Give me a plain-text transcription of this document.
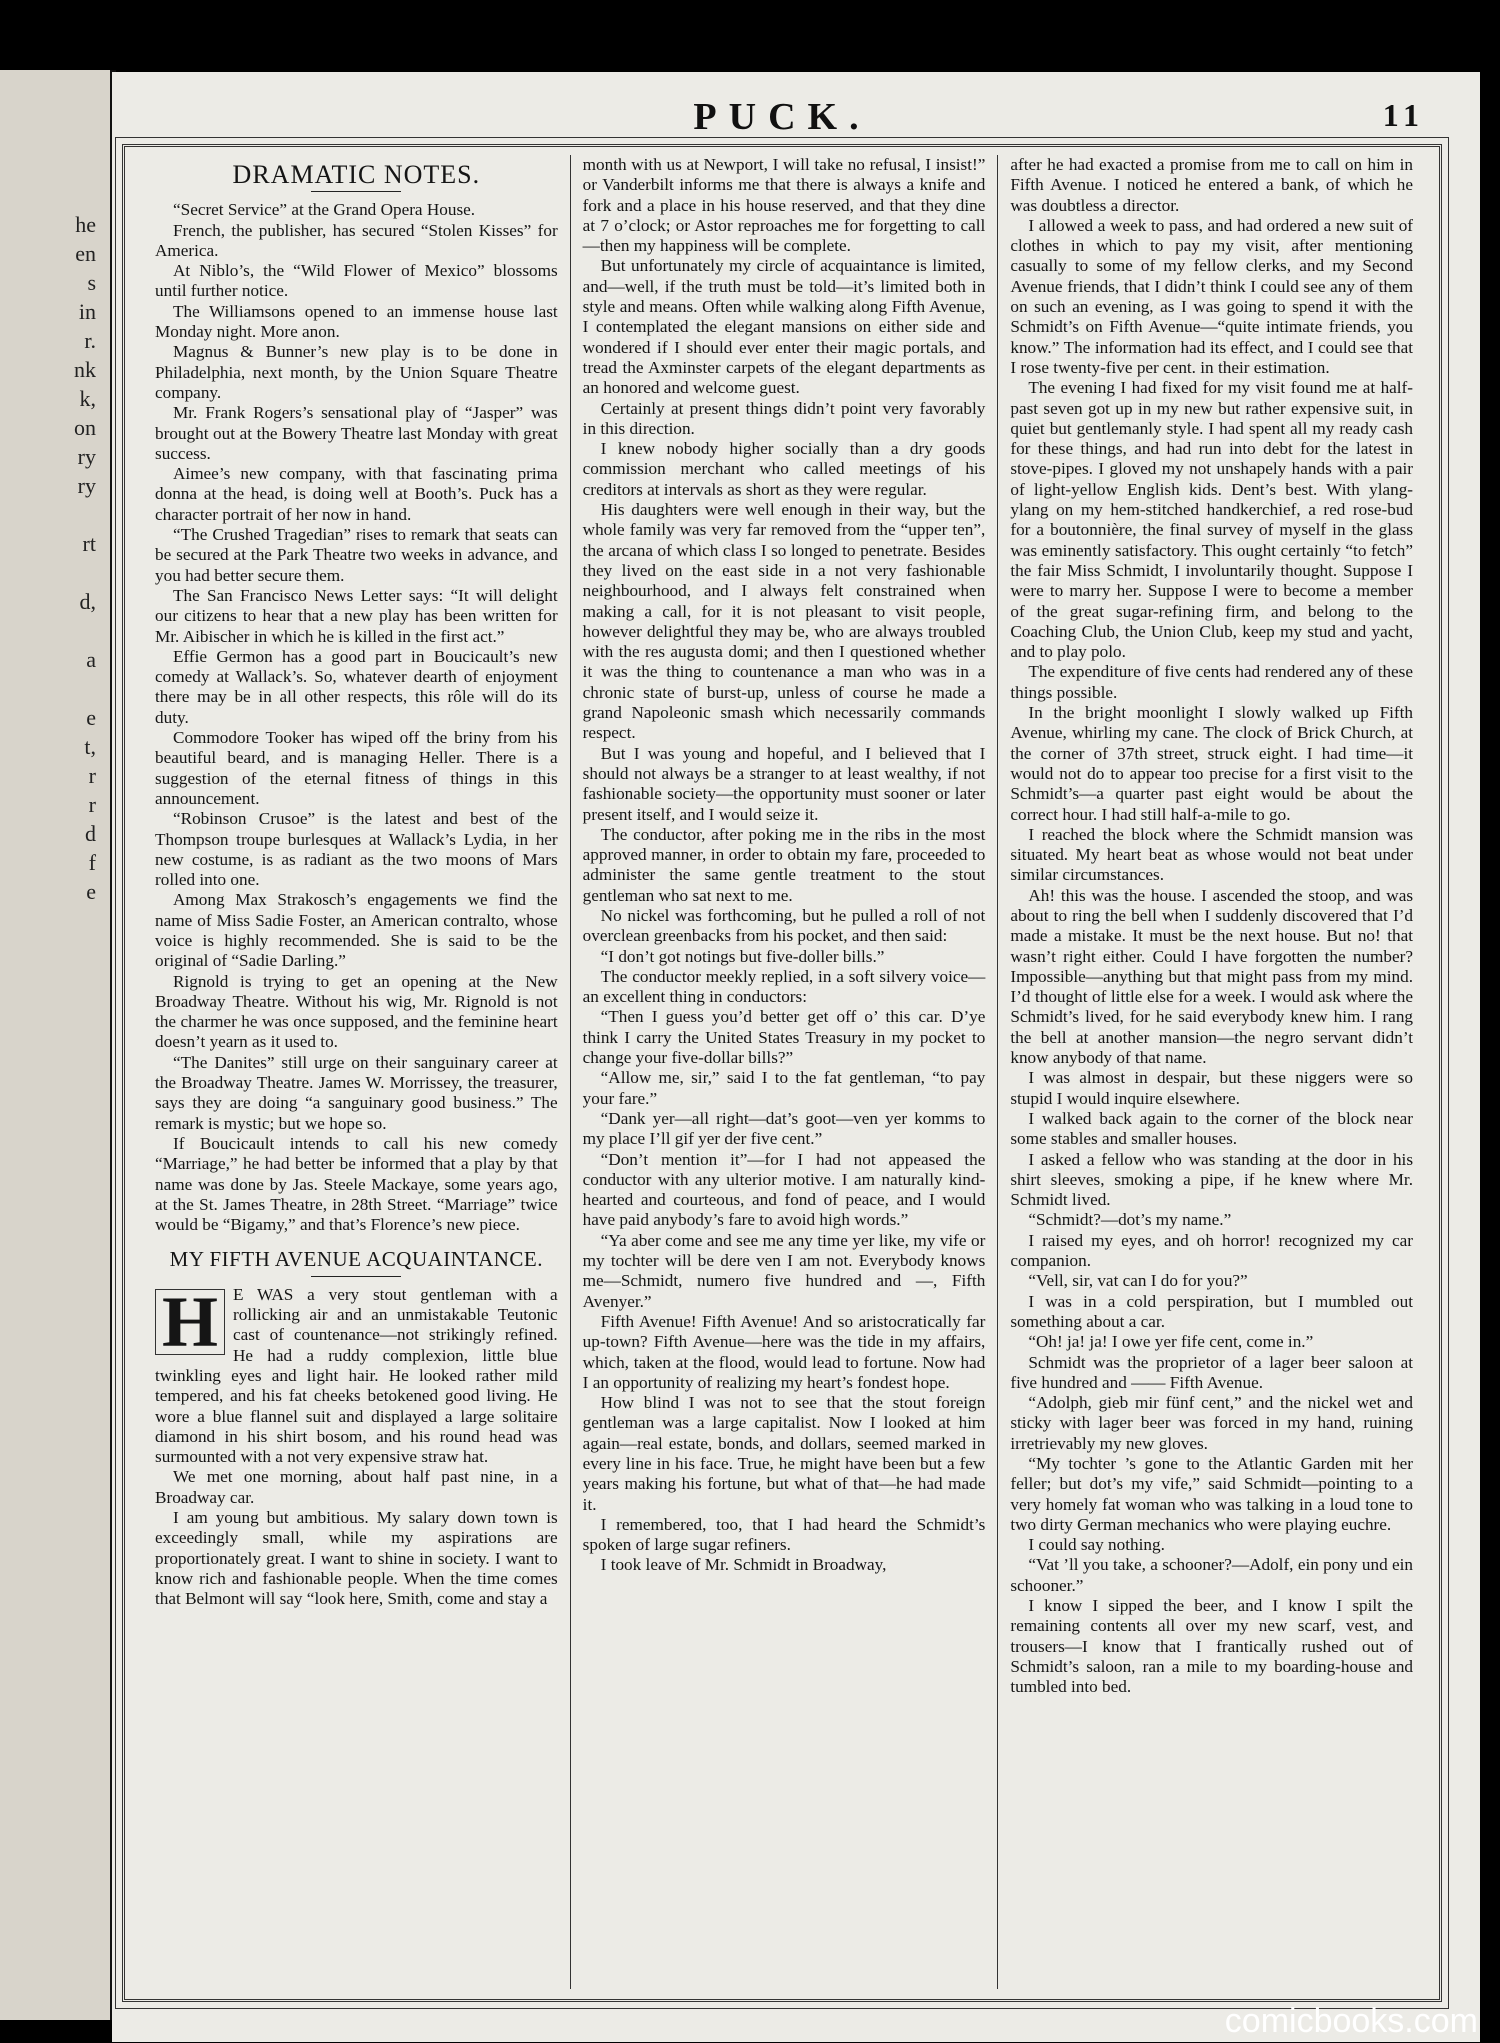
he
en
s
in
r.
nk
k,
on
ry
ry

rt

d,

a

e
t,
r
r
d
f
e
PUCK.	11
DRAMATIC NOTES.

“Secret Service” at the Grand Opera House.

French, the publisher, has secured “Stolen Kisses” for America.

At Niblo’s, the “Wild Flower of Mexico” blossoms until further notice.

The Williamsons opened to an immense house last Monday night. More anon.

Magnus & Bunner’s new play is to be done in Philadelphia, next month, by the Union Square Theatre company.

Mr. Frank Rogers’s sensational play of “Jasper” was brought out at the Bowery Theatre last Monday with great success.

Aimee’s new company, with that fascinating prima donna at the head, is doing well at Booth’s. Puck has a character portrait of her now in hand.

“The Crushed Tragedian” rises to remark that seats can be secured at the Park Theatre two weeks in advance, and you had better secure them.

The San Francisco News Letter says: “It will delight our citizens to hear that a new play has been written for Mr. Aibischer in which he is killed in the first act.”

Effie Germon has a good part in Boucicault’s new comedy at Wallack’s. So, whatever dearth of enjoyment there may be in all other respects, this rôle will do its duty.

Commodore Tooker has wiped off the briny from his beautiful beard, and is managing Heller. There is a suggestion of the eternal fitness of things in this announcement.

“Robinson Crusoe” is the latest and best of the Thompson troupe burlesques at Wallack’s Lydia, in her new costume, is as radiant as the two moons of Mars rolled into one.

Among Max Strakosch’s engagements we find the name of Miss Sadie Foster, an American contralto, whose voice is highly recommended. She is said to be the original of “Sadie Darling.”

Rignold is trying to get an opening at the New Broadway Theatre. Without his wig, Mr. Rignold is not the charmer he was once supposed, and the feminine heart doesn’t yearn as it used to.

“The Danites” still urge on their sanguinary career at the Broadway Theatre. James W. Morrissey, the treasurer, says they are doing “a sanguinary good business.” The remark is mystic; but we hope so.

If Boucicault intends to call his new comedy “Marriage,” he had better be informed that a play by that name was done by Jas. Steele Mackaye, some years ago, at the St. James Theatre, in 28th Street. “Marriage” twice would be “Bigamy,” and that’s Florence’s new piece.

MY FIFTH AVENUE ACQUAINTANCE.
H E WAS a very stout gentleman with a rollicking air and an unmistakable Teutonic cast of countenance—not strikingly refined. He had a ruddy complexion, little blue twinkling eyes and light hair. He looked rather mild tempered, and his fat cheeks betokened good living. He wore a blue flannel suit and displayed a large solitaire diamond in his shirt bosom, and his round head was surmounted with a not very expensive straw hat.

We met one morning, about half past nine, in a Broadway car.

I am young but ambitious. My salary down town is exceedingly small, while my aspirations are proportionately great. I want to shine in society. I want to know rich and fashionable people. When the time comes that Belmont will say “look here, Smith, come and stay a

month with us at Newport, I will take no refusal, I insist!” or Vanderbilt informs me that there is always a knife and fork and a place in his house reserved, and that they dine at 7 o’clock; or Astor reproaches me for forgetting to call—then my happiness will be complete.

But unfortunately my circle of acquaintance is limited, and—well, if the truth must be told—it’s limited both in style and means. Often while walking along Fifth Avenue, I contemplated the elegant mansions on either side and wondered if I should ever enter their magic portals, and tread the Axminster carpets of the elegant departments as an honored and welcome guest.

Certainly at present things didn’t point very favorably in this direction.

I knew nobody higher socially than a dry goods commission merchant who called meetings of his creditors at intervals as short as they were regular.

His daughters were well enough in their way, but the whole family was very far removed from the “upper ten”, the arcana of which class I so longed to penetrate. Besides they lived on the east side in a not very fashionable neighbourhood, and I always felt constrained when making a call, for it is not pleasant to visit people, however delightful they may be, who are always troubled with the res augusta domi; and then I questioned whether it was the thing to countenance a man who was in a chronic state of burst-up, unless of course he made a grand Napoleonic smash which necessarily commands respect.

But I was young and hopeful, and I believed that I should not always be a stranger to at least wealthy, if not fashionable society—the opportunity must sooner or later present itself, and I would seize it.

The conductor, after poking me in the ribs in the most approved manner, in order to obtain my fare, proceeded to administer the same gentle treatment to the stout gentleman who sat next to me.

No nickel was forthcoming, but he pulled a roll of not overclean greenbacks from his pocket, and then said:

“I don’t got notings but five-doller bills.”

The conductor meekly replied, in a soft silvery voice—an excellent thing in conductors:

“Then I guess you’d better get off o’ this car. D’ye think I carry the United States Treasury in my pocket to change your five-dollar bills?”

“Allow me, sir,” said I to the fat gentleman, “to pay your fare.”

“Dank yer—all right—dat’s goot—ven yer komms to my place I’ll gif yer der five cent.”

“Don’t mention it”—for I had not appeased the conductor with any ulterior motive. I am naturally kind-hearted and courteous, and fond of peace, and I would have paid anybody’s fare to avoid high words.”

“Ya aber come and see me any time yer like, my vife or my tochter will be dere ven I am not. Everybody knows me—Schmidt, numero five hundred and —, Fifth Avenyer.”

Fifth Avenue! Fifth Avenue! And so aristocratically far up-town? Fifth Avenue—here was the tide in my affairs, which, taken at the flood, would lead to fortune. Now had I an opportunity of realizing my heart’s fondest hope.

How blind I was not to see that the stout foreign gentleman was a large capitalist. Now I looked at him again—real estate, bonds, and dollars, seemed marked in every line in his face. True, he might have been but a few years making his fortune, but what of that—he had made it.

I remembered, too, that I had heard the Schmidt’s spoken of large sugar refiners.

I took leave of Mr. Schmidt in Broadway,

after he had exacted a promise from me to call on him in Fifth Avenue. I noticed he entered a bank, of which he was doubtless a director.

I allowed a week to pass, and had ordered a new suit of clothes in which to pay my visit, after mentioning casually to some of my fellow clerks, and my Second Avenue friends, that I didn’t think I could see any of them on such an evening, as I was going to spend it with the Schmidt’s on Fifth Avenue—“quite intimate friends, you know.” The information had its effect, and I could see that I rose twenty-five per cent. in their estimation.

The evening I had fixed for my visit found me at half-past seven got up in my new but rather expensive suit, in quiet but gentlemanly style. I had spent all my ready cash for these things, and had run into debt for the latest in stove-pipes. I gloved my not unshapely hands with a pair of light-yellow English kids. Dent’s best. With ylang-ylang on my hem-stitched handkerchief, a red rose-bud for a boutonnière, the final survey of myself in the glass was eminently satisfactory. This ought certainly “to fetch” the fair Miss Schmidt, I involuntarily thought. Suppose I were to marry her. Suppose I were to become a member of the great sugar-refining firm, and belong to the Coaching Club, the Union Club, keep my stud and yacht, and to play polo.

The expenditure of five cents had rendered any of these things possible.

In the bright moonlight I slowly walked up Fifth Avenue, whirling my cane. The clock of Brick Church, at the corner of 37th street, struck eight. I had time—it would not do to appear too precise for a first visit to the Schmidt’s—a quarter past eight would be about the correct hour. I had still half-a-mile to go.

I reached the block where the Schmidt mansion was situated. My heart beat as whose would not beat under similar circumstances.

Ah! this was the house. I ascended the stoop, and was about to ring the bell when I suddenly discovered that I’d made a mistake. It must be the next house. But no! that wasn’t right either. Could I have forgotten the number? Impossible—anything but that might pass from my mind. I’d thought of little else for a week. I would ask where the Schmidt’s lived, for he said everybody knew him. I rang the bell at another mansion—the negro servant didn’t know anybody of that name.

I was almost in despair, but these niggers were so stupid I would inquire elsewhere.

I walked back again to the corner of the block near some stables and smaller houses.

I asked a fellow who was standing at the door in his shirt sleeves, smoking a pipe, if he knew where Mr. Schmidt lived.

“Schmidt?—dot’s my name.”

I raised my eyes, and oh horror! recognized my car companion.

“Vell, sir, vat can I do for you?”

I was in a cold perspiration, but I mumbled out something about a car.

“Oh! ja! ja! I owe yer fife cent, come in.”

Schmidt was the proprietor of a lager beer saloon at five hundred and —— Fifth Avenue.

“Adolph, gieb mir fünf cent,” and the nickel wet and sticky with lager beer was forced in my hand, ruining irretrievably my new gloves.

“My tochter ’s gone to the Atlantic Garden mit her feller; but dot’s my vife,” said Schmidt—pointing to a very homely fat woman who was talking in a loud tone to two dirty German mechanics who were playing euchre.

I could say nothing.

“Vat ’ll you take, a schooner?—Adolf, ein pony und ein schooner.”

I know I sipped the beer, and I know I spilt the remaining contents all over my new scarf, vest, and trousers—I know that I frantically rushed out of Schmidt’s saloon, ran a mile to my boarding-house and tumbled into bed.

comicbooks.com
